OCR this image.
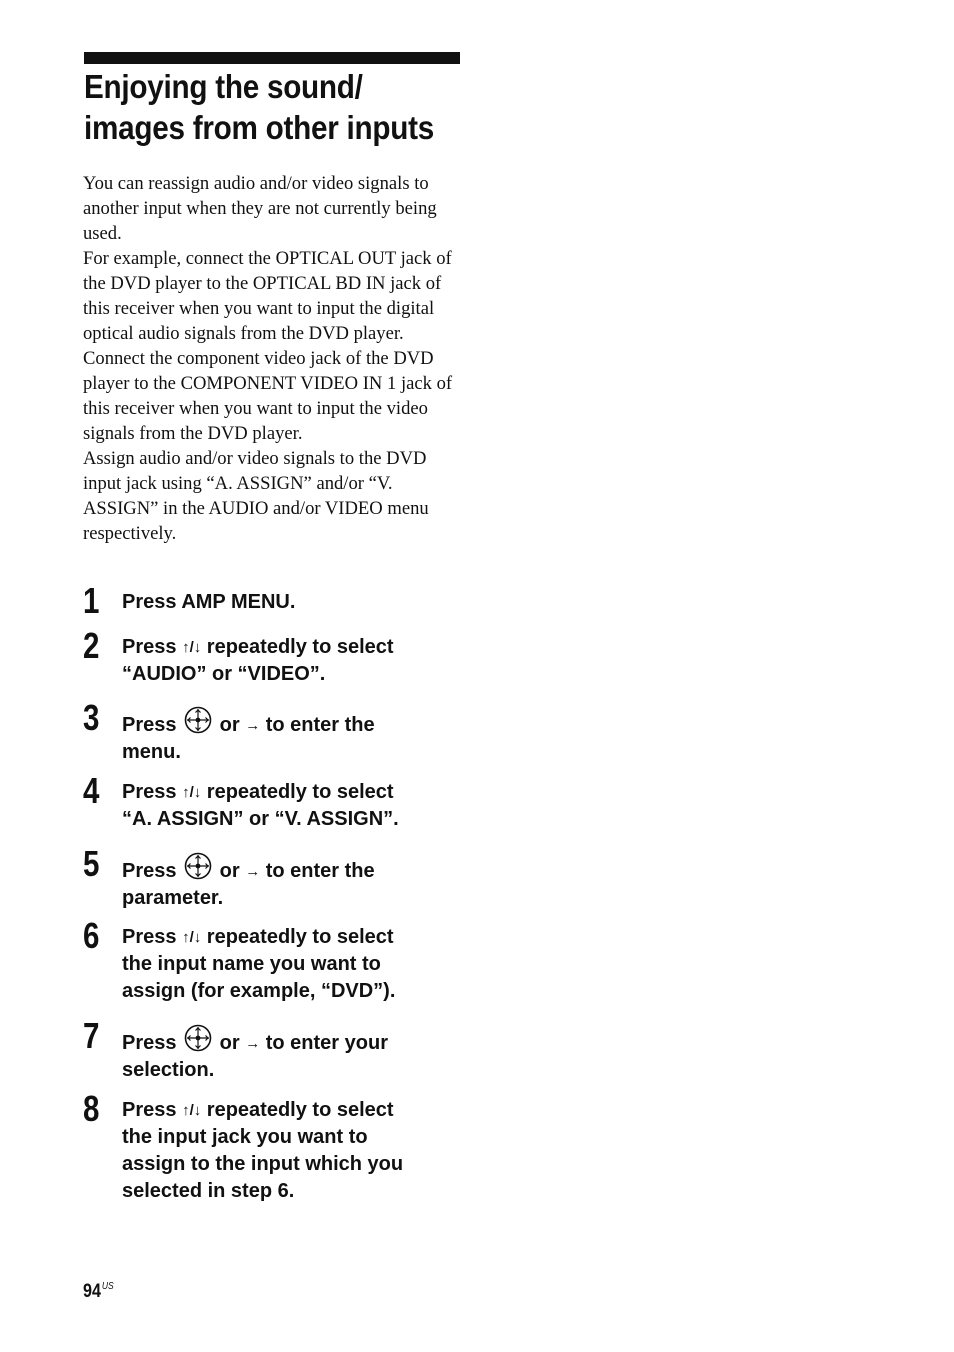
Enjoying the sound/
images from other inputs

You can reassign audio and/or video signals to another input when they are not currently being used.

For example, connect the OPTICAL OUT jack of the DVD player to the OPTICAL BD IN jack of this receiver when you want to input the digital optical audio signals from the DVD player.

Connect the component video jack of the DVD player to the COMPONENT VIDEO IN 1 jack of this receiver when you want to input the video signals from the DVD player.

Assign audio and/or video signals to the DVD input jack using “A. ASSIGN” and/or “V. ASSIGN” in the AUDIO and/or VIDEO menu respectively.

1 Press AMP MENU.
2 Press ↑/↓ repeatedly to select
“AUDIO” or “VIDEO”.
3 Press or → to enter the
menu.
4 Press ↑/↓ repeatedly to select
“A. ASSIGN” or “V. ASSIGN”.
5 Press or → to enter the
parameter.
6 Press ↑/↓ repeatedly to select
the input name you want to
assign (for example, “DVD”).
7 Press or → to enter your
selection.
8 Press ↑/↓ repeatedly to select
the input jack you want to
assign to the input which you
selected in step 6.
$94^{US}$
